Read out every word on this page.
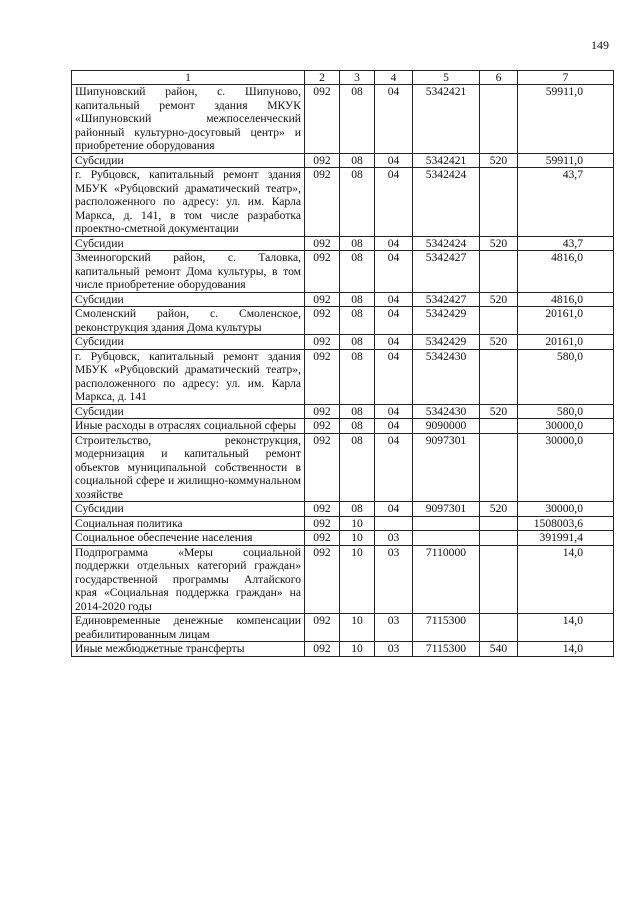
149
1	2	3	4	5	6	7
Шипуновский район, с. Шипуново, капитальный ремонт здания МКУК «Шипуновский межпоселенческий районный культурно-досуговый центр» и приобретение оборудования	092	08	04	5342421		59911,0
Субсидии	092	08	04	5342421	520	59911,0
г. Рубцовск, капитальный ремонт здания МБУК «Рубцовский драматический театр», расположенного по адресу: ул. им. Карла Маркса, д. 141, в том числе разработка проектно-сметной документации	092	08	04	5342424		43,7
Субсидии	092	08	04	5342424	520	43,7
Змеиногорский район, с. Таловка, капитальный ремонт Дома культуры, в том числе приобретение оборудования	092	08	04	5342427		4816,0
Субсидии	092	08	04	5342427	520	4816,0
Смоленский район, с. Смоленское, реконструкция здания Дома культуры	092	08	04	5342429		20161,0
Субсидии	092	08	04	5342429	520	20161,0
г. Рубцовск, капитальный ремонт здания МБУК «Рубцовский драматический театр», расположенного по адресу: ул. им. Карла Маркса, д. 141	092	08	04	5342430		580,0
Субсидии	092	08	04	5342430	520	580,0
Иные расходы в отраслях социальной сферы	092	08	04	9090000		30000,0
Строительство, реконструкция, модернизация и капитальный ремонт объектов муниципальной собственности в социальной сфере и жилищно-коммунальном хозяйстве	092	08	04	9097301		30000,0
Субсидии	092	08	04	9097301	520	30000,0
Социальная политика	092	10				1508003,6
Социальное обеспечение населения	092	10	03			391991,4
Подпрограмма «Меры социальной поддержки отдельных категорий граждан» государственной программы Алтайского края «Социальная поддержка граждан» на 2014-2020 годы	092	10	03	7110000		14,0
Единовременные денежные компенсации реабилитированным лицам	092	10	03	7115300		14,0
Иные межбюджетные трансферты	092	10	03	7115300	540	14,0
